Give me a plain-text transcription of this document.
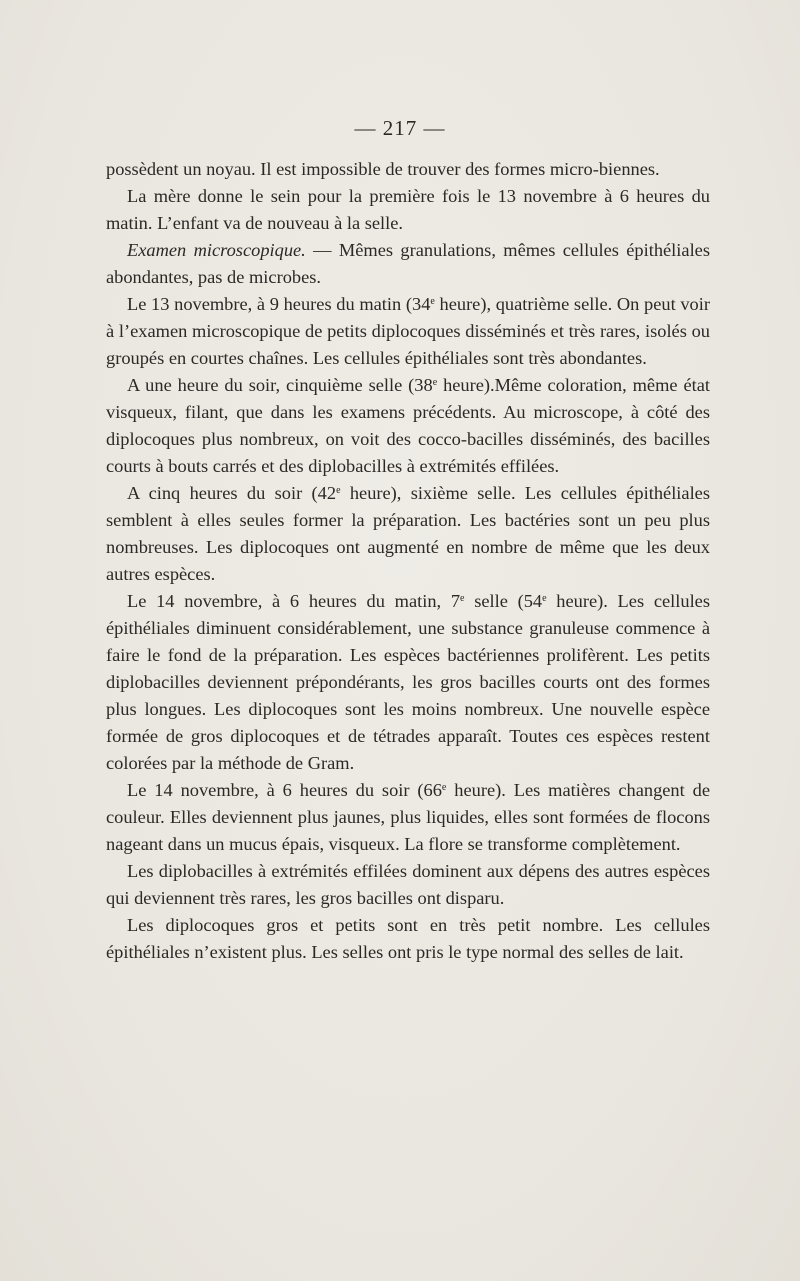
— 217 —

possèdent un noyau. Il est impossible de trouver des formes micro-biennes.

La mère donne le sein pour la première fois le 13 novembre à 6 heures du matin. L’enfant va de nouveau à la selle.

Examen microscopique. — Mêmes granulations, mêmes cellules épithéliales abondantes, pas de microbes.

Le 13 novembre, à 9 heures du matin (34e heure), quatrième selle. On peut voir à l’examen microscopique de petits diplocoques disséminés et très rares, isolés ou groupés en courtes chaînes. Les cellules épithéliales sont très abondantes.

A une heure du soir, cinquième selle (38e heure).Même coloration, même état visqueux, filant, que dans les examens précédents. Au microscope, à côté des diplocoques plus nombreux, on voit des cocco-bacilles disséminés, des bacilles courts à bouts carrés et des diplobacilles à extrémités effilées.

A cinq heures du soir (42e heure), sixième selle. Les cellules épithéliales semblent à elles seules former la préparation. Les bactéries sont un peu plus nombreuses. Les diplocoques ont augmenté en nombre de même que les deux autres espèces.

Le 14 novembre, à 6 heures du matin, 7e selle (54e heure). Les cellules épithéliales diminuent considérablement, une substance granuleuse commence à faire le fond de la préparation. Les espèces bactériennes prolifèrent. Les petits diplobacilles deviennent prépondérants, les gros bacilles courts ont des formes plus longues. Les diplocoques sont les moins nombreux. Une nouvelle espèce formée de gros diplocoques et de tétrades apparaît. Toutes ces espèces restent colorées par la méthode de Gram.

Le 14 novembre, à 6 heures du soir (66e heure). Les matières changent de couleur. Elles deviennent plus jaunes, plus liquides, elles sont formées de flocons nageant dans un mucus épais, visqueux. La flore se transforme complètement.

Les diplobacilles à extrémités effilées dominent aux dépens des autres espèces qui deviennent très rares, les gros bacilles ont disparu.

Les diplocoques gros et petits sont en très petit nombre. Les cellules épithéliales n’existent plus. Les selles ont pris le type normal des selles de lait.
